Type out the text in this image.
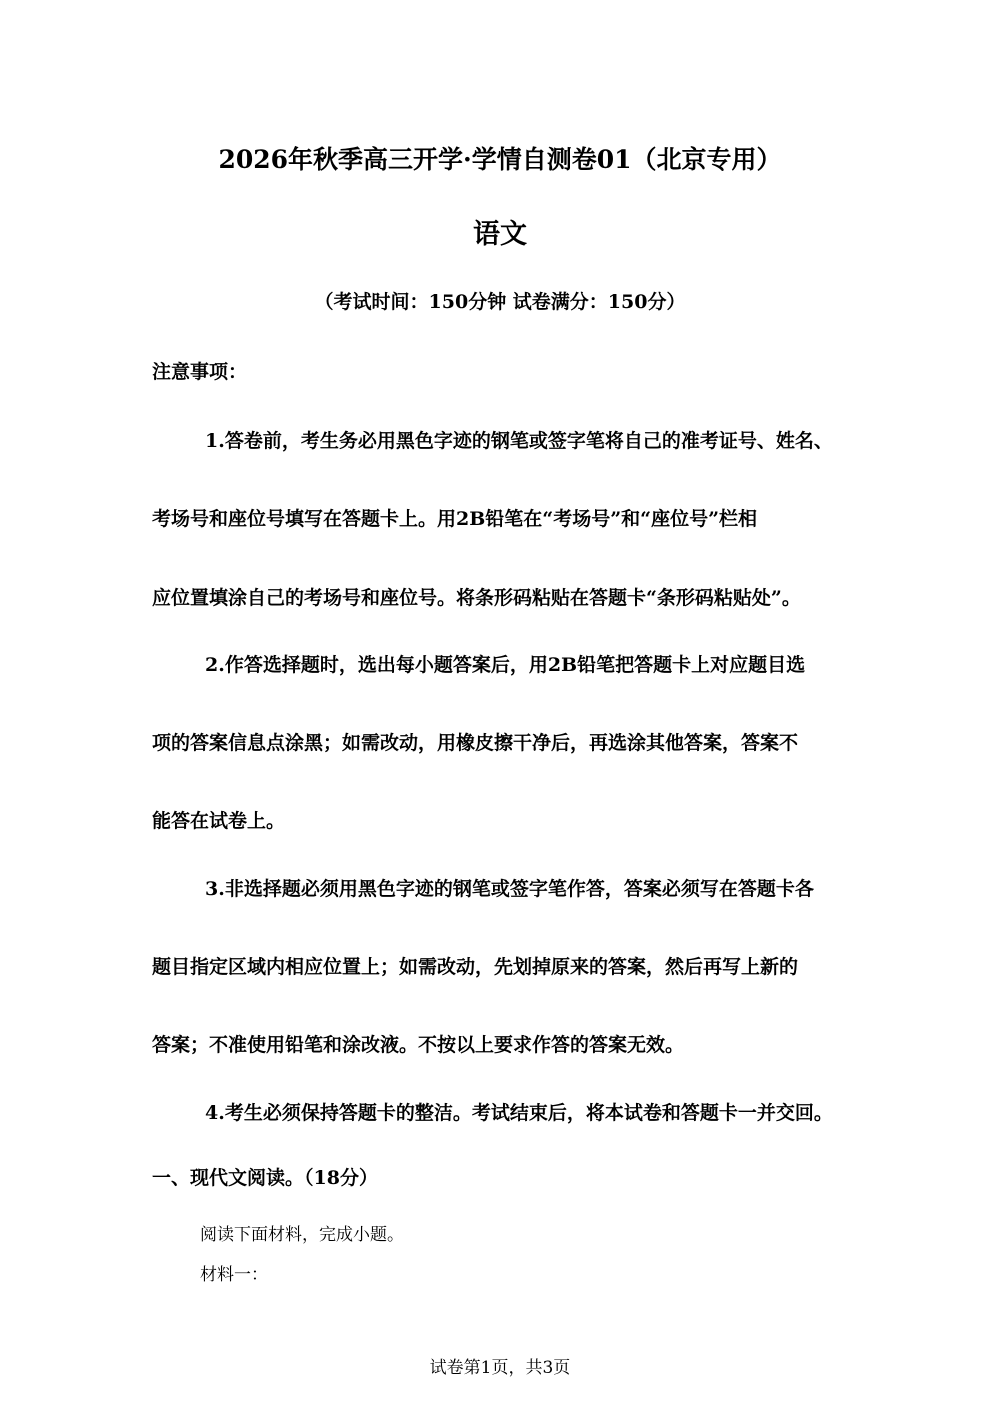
2026年秋季高三开学·学情自测卷01（北京专用）
语文
（考试时间：150分钟 试卷满分：150分）
注意事项：
1.答卷前，考生务必用黑色字迹的钢笔或签字笔将自己的准考证号、姓名、
考场号和座位号填写在答题卡上。用2B铅笔在“考场号”和“座位号”栏相
应位置填涂自己的考场号和座位号。将条形码粘贴在答题卡“条形码粘贴处”。
2.作答选择题时，选出每小题答案后，用2B铅笔把答题卡上对应题目选
项的答案信息点涂黑；如需改动，用橡皮擦干净后，再选涂其他答案，答案不
能答在试卷上。
3.非选择题必须用黑色字迹的钢笔或签字笔作答，答案必须写在答题卡各
题目指定区域内相应位置上；如需改动，先划掉原来的答案，然后再写上新的
答案；不准使用铅笔和涂改液。不按以上要求作答的答案无效。
4.考生必须保持答题卡的整洁。考试结束后，将本试卷和答题卡一并交回。
一、现代文阅读。（18分）
阅读下面材料，完成小题。
材料一：
试卷第1页，共3页
